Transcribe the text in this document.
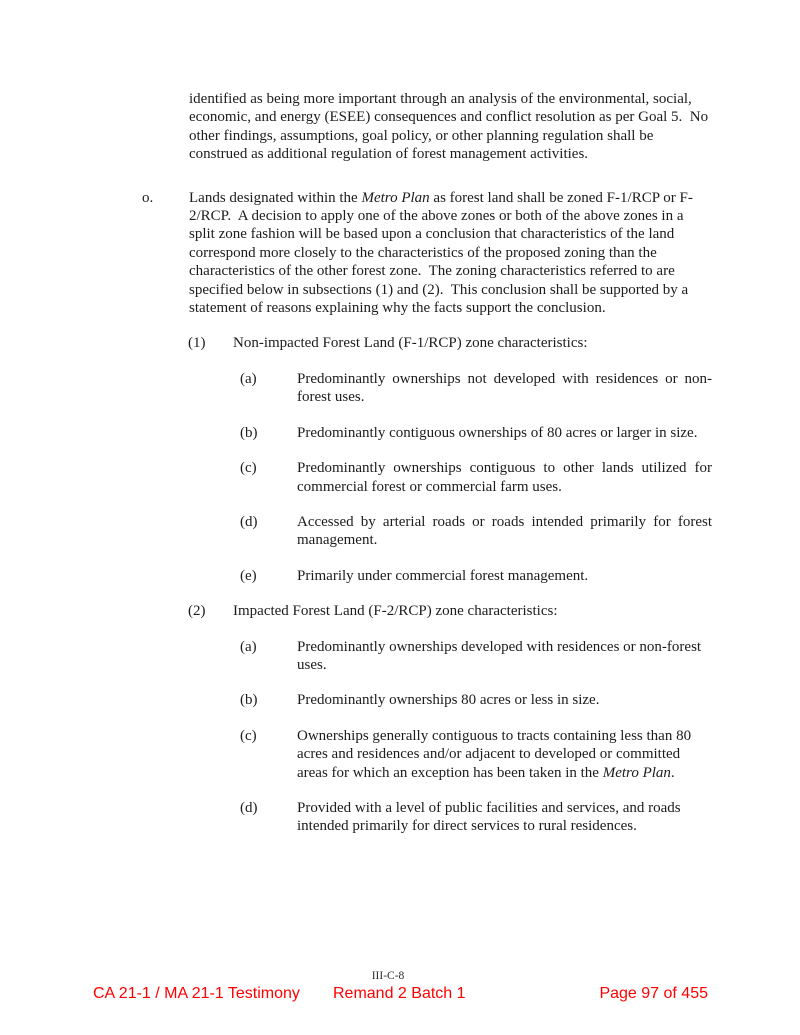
identified as being more important through an analysis of the environmental, social, economic, and energy (ESEE) consequences and conflict resolution as per Goal 5.  No other findings, assumptions, goal policy, or other planning regulation shall be construed as additional regulation of forest management activities.
o. Lands designated within the Metro Plan as forest land shall be zoned F-1/RCP or F-2/RCP.  A decision to apply one of the above zones or both of the above zones in a split zone fashion will be based upon a conclusion that characteristics of the land correspond more closely to the characteristics of the proposed zoning than the characteristics of the other forest zone.  The zoning characteristics referred to are specified below in subsections (1) and (2).  This conclusion shall be supported by a statement of reasons explaining why the facts support the conclusion.
(1) Non-impacted Forest Land (F-1/RCP) zone characteristics:
(a)	Predominantly ownerships not developed with residences or non-forest uses.
(b)	Predominantly contiguous ownerships of 80 acres or larger in size.
(c)	Predominantly ownerships contiguous to other lands utilized for commercial forest or commercial farm uses.
(d)	Accessed by arterial roads or roads intended primarily for forest management.
(e)	Primarily under commercial forest management.
(2) Impacted Forest Land (F-2/RCP) zone characteristics:
(a)	Predominantly ownerships developed with residences or non-forest uses.
(b)	Predominantly ownerships 80 acres or less in size.
(c)	Ownerships generally contiguous to tracts containing less than 80 acres and residences and/or adjacent to developed or committed areas for which an exception has been taken in the Metro Plan.
(d)	Provided with a level of public facilities and services, and roads intended primarily for direct services to rural residences.
III-C-8
CA 21-1 / MA 21-1 Testimony Remand 2 Batch 1	Page 97 of 455
